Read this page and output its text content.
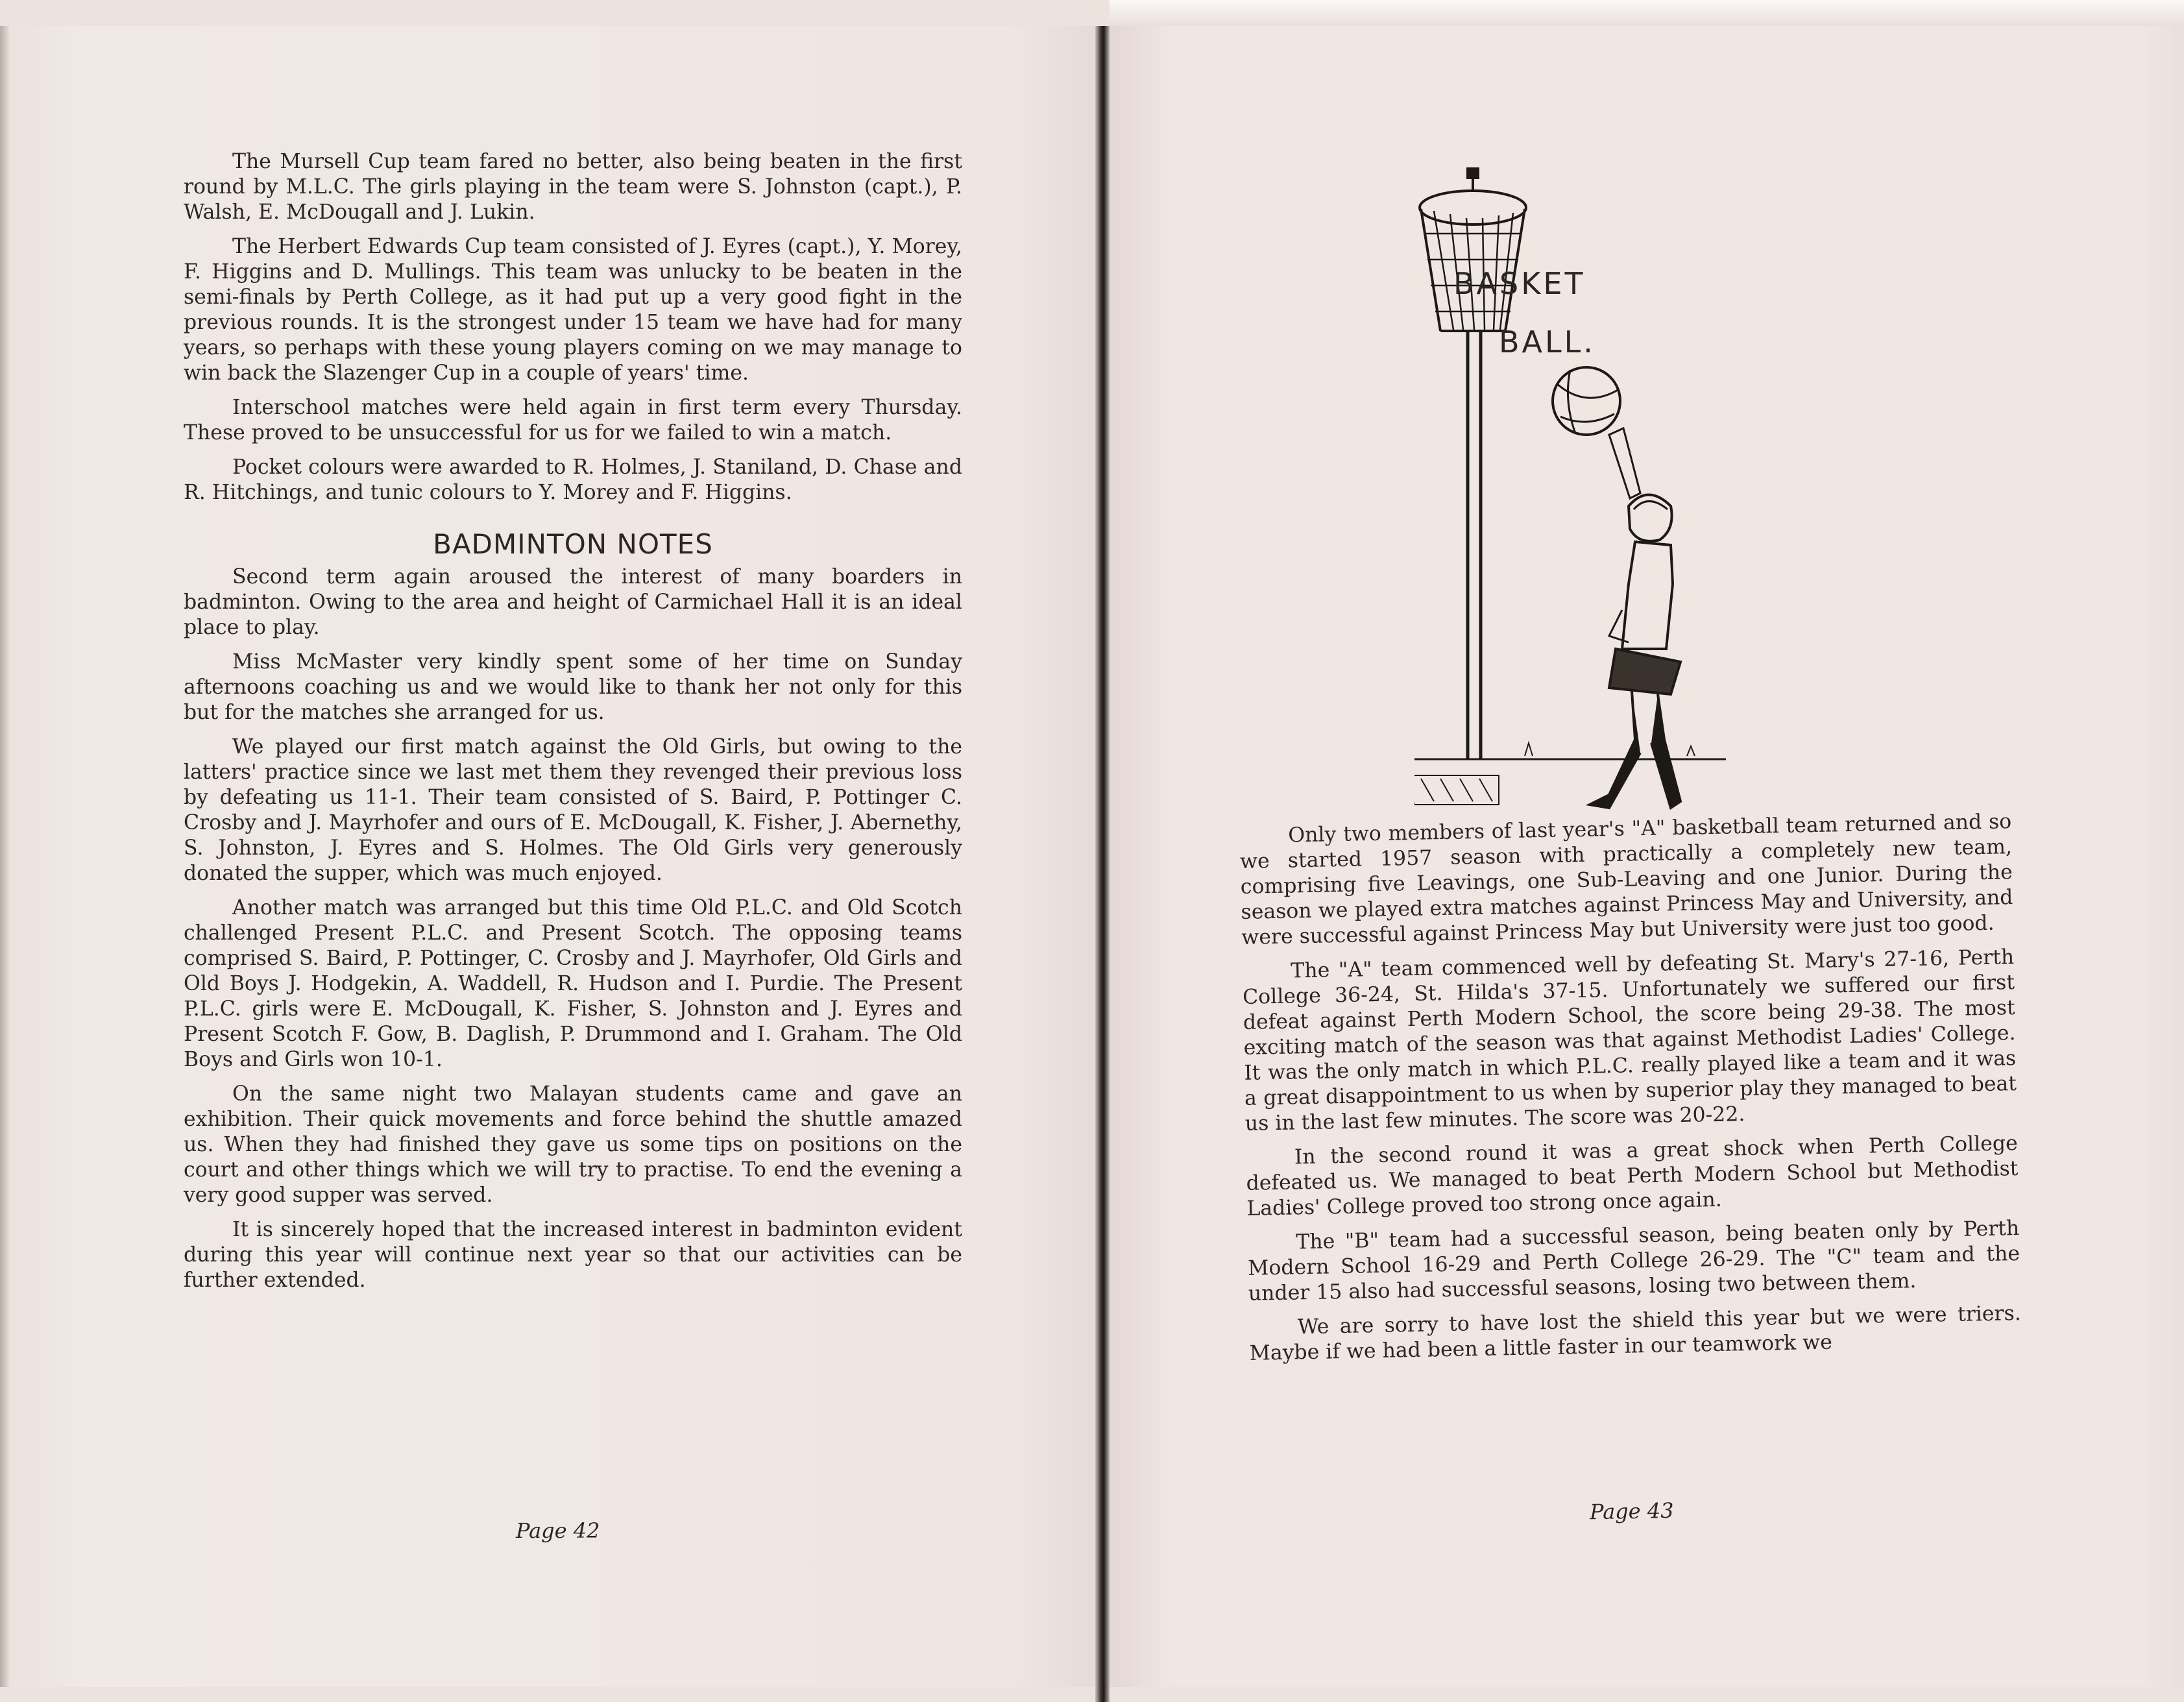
The Mursell Cup team fared no better, also being beaten in the first round by M.L.C. The girls playing in the team were S. Johnston (capt.), P. Walsh, E. McDougall and J. Lukin.

The Herbert Edwards Cup team consisted of J. Eyres (capt.), Y. Morey, F. Higgins and D. Mullings. This team was unlucky to be beaten in the semi-finals by Perth College, as it had put up a very good fight in the previous rounds. It is the strongest under 15 team we have had for many years, so perhaps with these young players coming on we may manage to win back the Slazenger Cup in a couple of years' time.

Interschool matches were held again in first term every Thursday. These proved to be unsuccessful for us for we failed to win a match.

Pocket colours were awarded to R. Holmes, J. Staniland, D. Chase and R. Hitchings, and tunic colours to Y. Morey and F. Higgins.

BADMINTON NOTES

Second term again aroused the interest of many boarders in badminton. Owing to the area and height of Carmichael Hall it is an ideal place to play.

Miss McMaster very kindly spent some of her time on Sunday afternoons coaching us and we would like to thank her not only for this but for the matches she arranged for us.

We played our first match against the Old Girls, but owing to the latters' practice since we last met them they revenged their previous loss by defeating us 11-1. Their team consisted of S. Baird, P. Pottinger C. Crosby and J. Mayrhofer and ours of E. McDougall, K. Fisher, J. Abernethy, S. Johnston, J. Eyres and S. Holmes. The Old Girls very generously donated the supper, which was much enjoyed.

Another match was arranged but this time Old P.L.C. and Old Scotch challenged Present P.L.C. and Present Scotch. The opposing teams comprised S. Baird, P. Pottinger, C. Crosby and J. Mayrhofer, Old Girls and Old Boys J. Hodgekin, A. Waddell, R. Hudson and I. Purdie. The Present P.L.C. girls were E. McDougall, K. Fisher, S. Johnston and J. Eyres and Present Scotch F. Gow, B. Daglish, P. Drummond and I. Graham. The Old Boys and Girls won 10-1.

On the same night two Malayan students came and gave an exhibition. Their quick movements and force behind the shuttle amazed us. When they had finished they gave us some tips on positions on the court and other things which we will try to practise. To end the evening a very good supper was served.

It is sincerely hoped that the increased interest in badminton evident during this year will continue next year so that our activities can be further extended.

Page 42
BASKET
BALL.

Only two members of last year's "A" basketball team returned and so we started 1957 season with practically a completely new team, comprising five Leavings, one Sub-Leaving and one Junior. During the season we played extra matches against Princess May and University, and were successful against Princess May but University were just too good.

The "A" team commenced well by defeating St. Mary's 27-16, Perth College 36-24, St. Hilda's 37-15. Unfortunately we suffered our first defeat against Perth Modern School, the score being 29-38. The most exciting match of the season was that against Methodist Ladies' College. It was the only match in which P.L.C. really played like a team and it was a great disappointment to us when by superior play they managed to beat us in the last few minutes. The score was 20-22.

In the second round it was a great shock when Perth College defeated us. We managed to beat Perth Modern School but Methodist Ladies' College proved too strong once again.

The "B" team had a successful season, being beaten only by Perth Modern School 16-29 and Perth College 26-29. The "C" team and the under 15 also had successful seasons, losing two between them.

We are sorry to have lost the shield this year but we were triers. Maybe if we had been a little faster in our teamwork we

Page 43
